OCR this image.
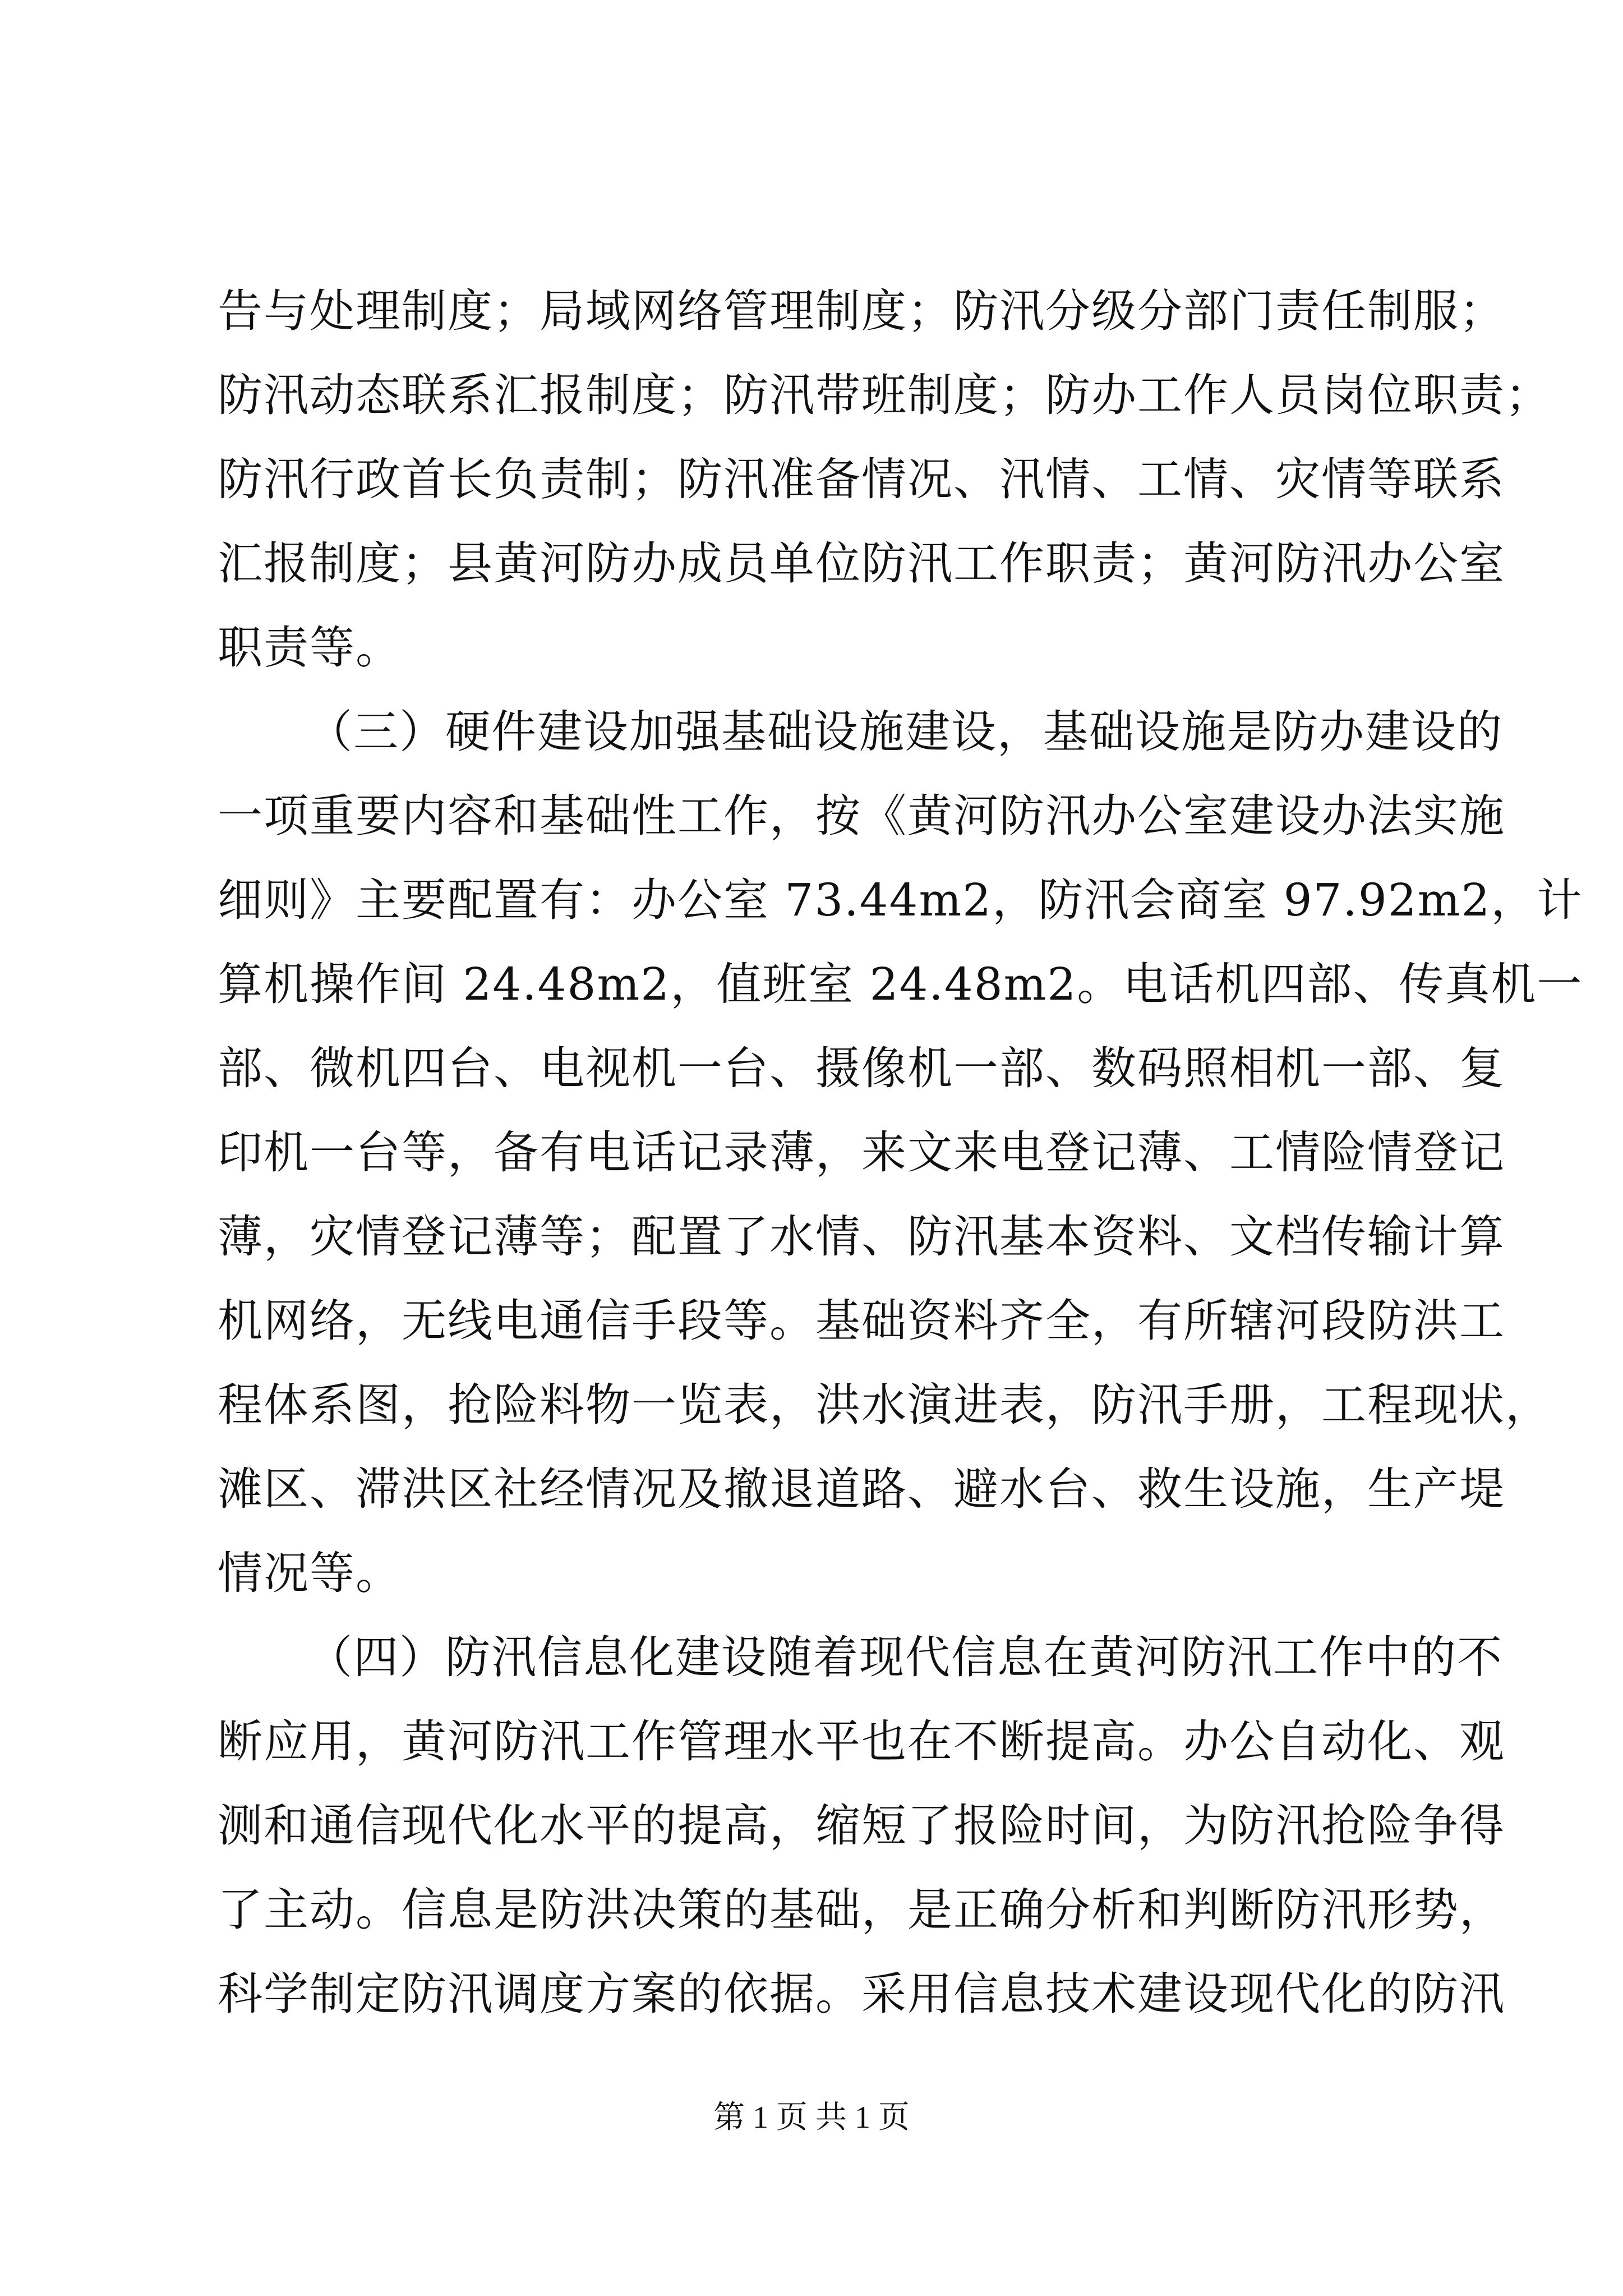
告与处理制度；局域网络管理制度；防汛分级分部门责任制服；
防汛动态联系汇报制度；防汛带班制度；防办工作人员岗位职责；
防汛行政首长负责制；防汛准备情况、汛情、工情、灾情等联系
汇报制度；县黄河防办成员单位防汛工作职责；黄河防汛办公室
职责等。
（三）硬件建设加强基础设施建设，基础设施是防办建设的
一项重要内容和基础性工作，按《黄河防汛办公室建设办法实施
细则》主要配置有：办公室 73.44m2，防汛会商室 97.92m2，计
算机操作间 24.48m2，值班室 24.48m2。电话机四部、传真机一
部、微机四台、电视机一台、摄像机一部、数码照相机一部、复
印机一台等，备有电话记录薄，来文来电登记薄、工情险情登记
薄，灾情登记薄等；配置了水情、防汛基本资料、文档传输计算
机网络，无线电通信手段等。基础资料齐全，有所辖河段防洪工
程体系图，抢险料物一览表，洪水演进表，防汛手册，工程现状，
滩区、滞洪区社经情况及撤退道路、避水台、救生设施，生产堤
情况等。
（四）防汛信息化建设随着现代信息在黄河防汛工作中的不
断应用，黄河防汛工作管理水平也在不断提高。办公自动化、观
测和通信现代化水平的提高，缩短了报险时间，为防汛抢险争得
了主动。信息是防洪决策的基础，是正确分析和判断防汛形势，
科学制定防汛调度方案的依据。采用信息技术建设现代化的防汛
第 1 页 共 1 页
